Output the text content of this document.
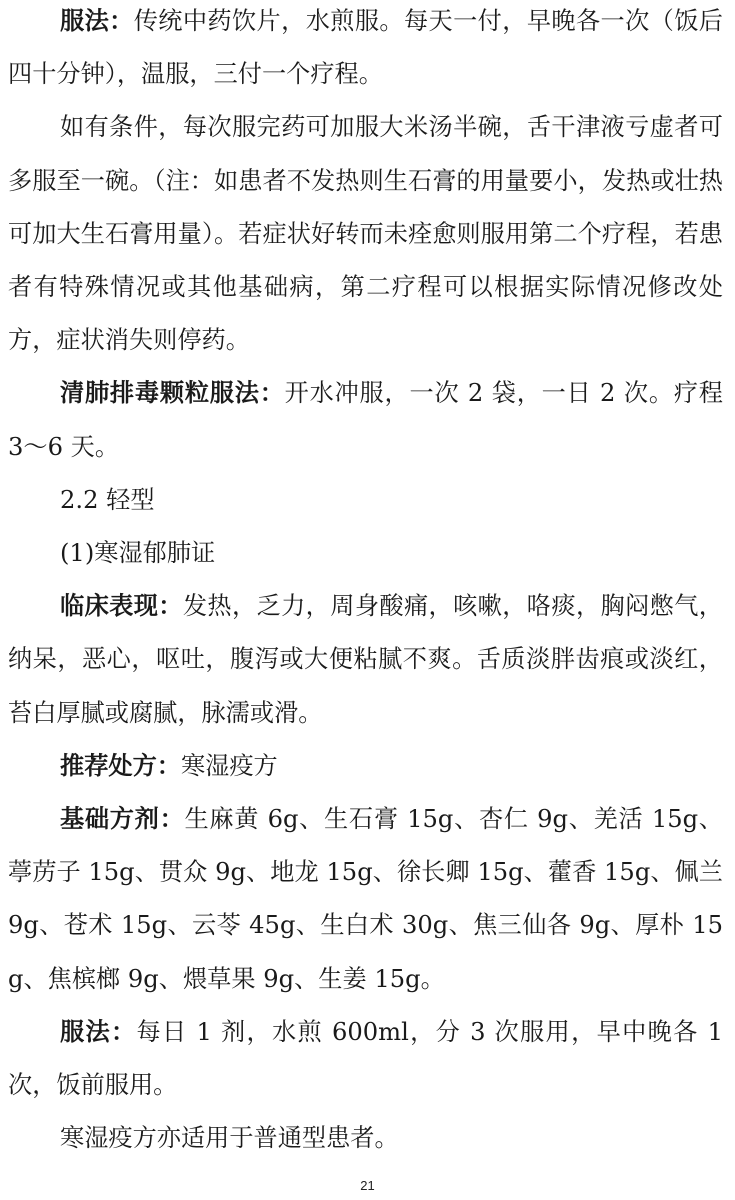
服法：传统中药饮片，水煎服。每天一付，早晚各一次（饭后四十分钟），温服，三付一个疗程。

如有条件，每次服完药可加服大米汤半碗，舌干津液亏虚者可多服至一碗。（注：如患者不发热则生石膏的用量要小，发热或壮热可加大生石膏用量）。若症状好转而未痊愈则服用第二个疗程，若患者有特殊情况或其他基础病，第二疗程可以根据实际情况修改处方，症状消失则停药。

清肺排毒颗粒服法：开水冲服，一次 2 袋，一日 2 次。疗程 3～6 天。

2.2 轻型

(1)寒湿郁肺证

临床表现：发热，乏力，周身酸痛，咳嗽，咯痰，胸闷憋气，纳呆，恶心，呕吐，腹泻或大便粘腻不爽。舌质淡胖齿痕或淡红，苔白厚腻或腐腻，脉濡或滑。

推荐处方：寒湿疫方

基础方剂：生麻黄 6g、生石膏 15g、杏仁 9g、羌活 15g、葶苈子 15g、贯众 9g、地龙 15g、徐长卿 15g、藿香 15g、佩兰 9g、苍术 15g、云苓 45g、生白术 30g、焦三仙各 9g、厚朴 15g、焦槟榔 9g、煨草果 9g、生姜 15g。

服法：每日 1 剂，水煎 600ml，分 3 次服用，早中晚各 1 次，饭前服用。

寒湿疫方亦适用于普通型患者。

21
